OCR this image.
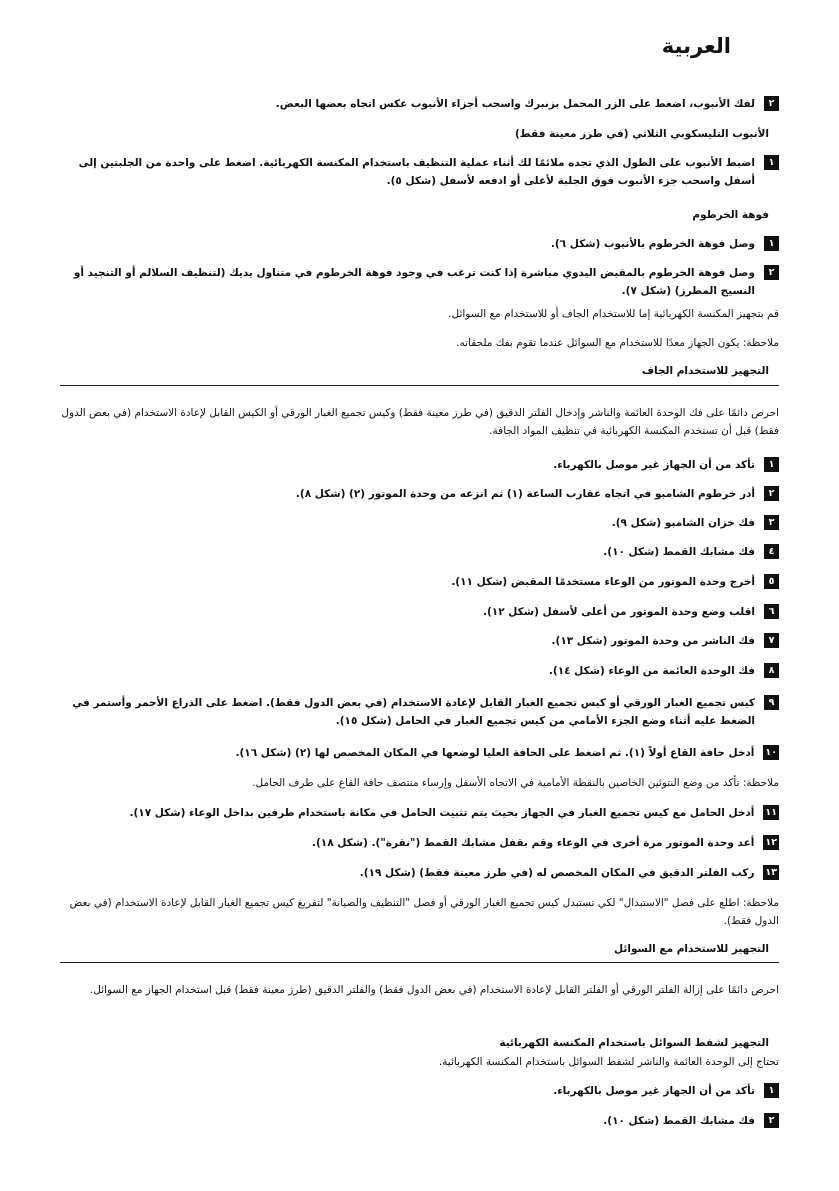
العربية
٢
لفك الأنبوب، اضغط على الزر المحمل بزنبرك واسحب أجزاء الأنبوب عكس اتجاه بعضها البعض.
الأنبوب التليسكوبي الثلاثي (في طرز معينة فقط)
١
اضبط الأنبوب على الطول الذي تجده ملائمًا لك أثناء عملية التنظيف باستخدام المكنسة الكهربائية. اضغط على واحدة من الجلبتين إلى أسفل واسحب جزء الأنبوب فوق الجلبة لأعلى أو ادفعه لأسفل (شكل ٥).
فوهة الخرطوم
١
وصل فوهة الخرطوم بالأنبوب (شكل ٦).
٢
وصل فوهة الخرطوم بالمقبض اليدوي مباشرة إذا كنت ترغب في وجود فوهة الخرطوم في متناول يديك (لتنظيف السلالم أو التنجيد أو النسيج المطرز) (شكل ٧).
قم بتجهيز المكنسة الكهربائية إما للاستخدام الجاف أو للاستخدام مع السوائل.
ملاحظة: يكون الجهاز معدًا للاستخدام مع السوائل عندما تقوم بفك ملحقاته.
التجهيز للاستخدام الجاف
احرص دائمًا على فك الوحدة العائمة والناشر وإدخال الفلتر الدقيق (في طرز معينة فقط) وكيس تجميع الغبار الورقي أو الكيس القابل لإعادة الاستخدام (في بعض الدول فقط) قبل أن تستخدم المكنسة الكهربائية في تنظيف المواد الجافة.
١
تأكد من أن الجهاز غير موصل بالكهرباء.
٢
أدر خرطوم الشامبو في اتجاه عقارب الساعة (١) ثم انزعه من وحدة الموتور (٢) (شكل ٨).
٣
فك خزان الشامبو (شكل ٩).
٤
فك مشابك القمط (شكل ١٠).
٥
أخرج وحدة الموتور من الوعاء مستخدمًا المقبض (شكل ١١).
٦
اقلب وضع وحدة الموتور من أعلى لأسفل (شكل ١٢).
٧
فك الناشر من وحدة الموتور (شكل ١٣).
٨
فك الوحدة العائمة من الوعاء (شكل ١٤).
٩
كيس تجميع الغبار الورقي أو كيس تجميع الغبار القابل لإعادة الاستخدام (في بعض الدول فقط). اضغط على الذراع الأحمر وأستمر في الضغط عليه أثناء وضع الجزء الأمامي من كيس تجميع الغبار في الحامل (شكل ١٥).
١٠
أدخل حافة القاع أولاً (١). ثم اضغط على الحافة العليا لوضعها في المكان المخصص لها (٢) (شكل ١٦).
ملاحظة: تأكد من وضع النتوئين الخاصين بالنقطة الأمامية في الاتجاه الأسفل وإرساء منتصف حافة القاع على طرف الحامل.
١١
أدخل الحامل مع كيس تجميع الغبار في الجهاز بحيث يتم تثبيت الحامل في مكانة باستخدام طرفين بداخل الوعاء (شكل ١٧).
١٢
أعد وحدة الموتور مرة أخرى في الوعاء وقم بقفل مشابك القمط ("نقرة"). (شكل ١٨).
١٣
ركب الفلتر الدقيق في المكان المخصص له (في طرز معينة فقط) (شكل ١٩).
ملاحظة: اطلع على فصل "الاستبدال" لكي تستبدل كيس تجميع الغبار الورقي أو فصل "التنظيف والصيانة" لتفريغ كيس تجميع الغبار القابل لإعادة الاستخدام (في بعض الدول فقط).
التجهيز للاستخدام مع السوائل
احرص دائمًا على إزالة الفلتر الورقي أو الفلتر القابل لإعادة الاستخدام (في بعض الدول فقط) والفلتر الدقيق (طرز معينة فقط) قبل استخدام الجهاز مع السوائل.
التجهيز لشفط السوائل باستخدام المكنسة الكهربائية
تحتاج إلى الوحدة العائمة والناشر لشفط السوائل باستخدام المكنسة الكهربائية.
١
تأكد من أن الجهاز غير موصل بالكهرباء.
٢
فك مشابك القمط (شكل ١٠).
